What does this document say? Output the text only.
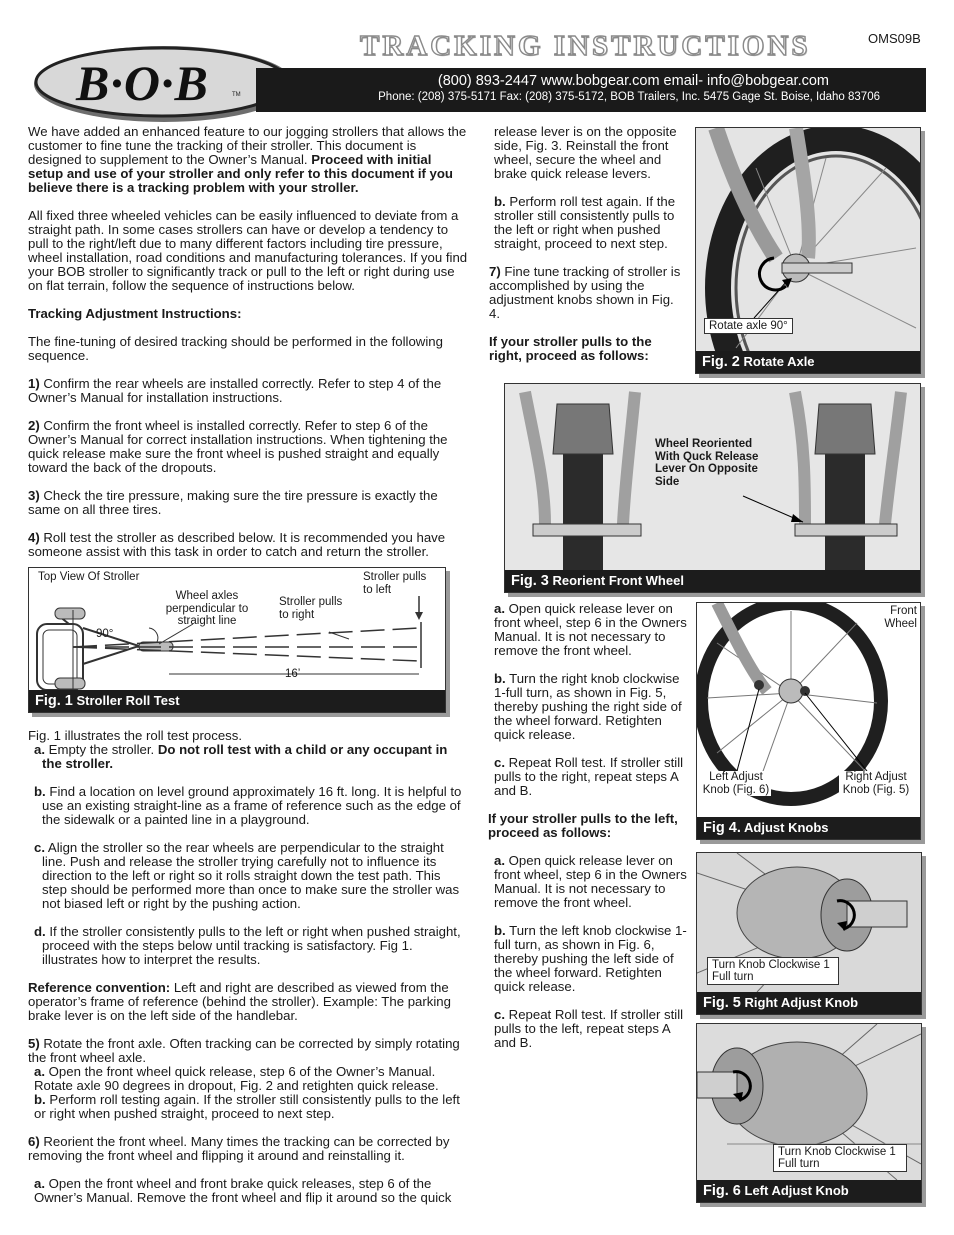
B·O·B	TM
TRACKING INSTRUCTIONS	OMS09B
(800) 893-2447 www.bobgear.com email- info@bobgear.com
Phone: (208) 375-5171 Fax: (208) 375-5172, BOB Trailers, Inc. 5475 Gage St. Boise, Idaho 83706

We have added an enhanced feature to our jogging strollers that allows the customer to fine tune the tracking of their stroller. This document is designed to supplement to the Owner’s Manual. Proceed with initial setup and use of your stroller and only refer to this document if you believe there is a tracking problem with your stroller.

All fixed three wheeled vehicles can be easily influenced to deviate from a straight path. In some cases strollers can have or develop a tendency to pull to the right/left due to many different factors including tire pressure, wheel installation, road conditions and manufacturing tolerances. If you find your BOB stroller to significantly track or pull to the left or right during use on flat terrain, follow the sequence of instructions below.

Tracking Adjustment Instructions:

The fine-tuning of desired tracking should be performed in the following sequence.

1) Confirm the rear wheels are installed correctly. Refer to step 4 of the Owner’s Manual for installation instructions.

2) Confirm the front wheel is installed correctly. Refer to step 6 of the Owner’s Manual for correct installation instructions. When tightening the quick release make sure the front wheel is pushed straight and equally toward the back of the dropouts.

3) Check the tire pressure, making sure the tire pressure is exactly the same on all three tires.

4) Roll test the stroller as described below. It is recommended you have someone assist with this task in order to catch and return the stroller.

Top View Of Stroller
Wheel axles perpendicular to straight line
Stroller pulls to right
Stroller pulls to left
90°
16’
Fig. 1 Stroller Roll Test

Fig. 1 illustrates the roll test process.

a. Empty the stroller. Do not roll test with a child or any occupant in the stroller.

b. Find a location on level ground approximately 16 ft. long. It is helpful to use an existing straight-line as a frame of reference such as the edge of the sidewalk or a painted line in a playground.

c. Align the stroller so the rear wheels are perpendicular to the straight line. Push and release the stroller trying carefully not to influence its direction to the left or right so it rolls straight down the test path. This step should be performed more than once to make sure the stroller was not biased left or right by the pushing action.

d. If the stroller consistently pulls to the left or right when pushed straight, proceed with the steps below until tracking is satisfactory. Fig 1. illustrates how to interpret the results.

Reference convention: Left and right are described as viewed from the operator’s frame of reference (behind the stroller). Example: The parking brake lever is on the left side of the handlebar.

5) Rotate the front axle. Often tracking can be corrected by simply rotating the front wheel axle.

a. Open the front wheel quick release, step 6 of the Owner’s Manual. Rotate axle 90 degrees in dropout, Fig. 2 and retighten quick release.

b. Perform roll testing again. If the stroller still consistently pulls to the left or right when pushed straight, proceed to next step.

6) Reorient the front wheel. Many times the tracking can be corrected by removing the front wheel and flipping it around and reinstalling it.

a. Open the front wheel and front brake quick releases, step 6 of the Owner’s Manual. Remove the front wheel and flip it around so the quick

release lever is on the opposite side, Fig. 3. Reinstall the front wheel, secure the wheel and brake quick release levers.

b. Perform roll test again. If the stroller still consistently pulls to the left or right when pushed straight, proceed to next step.

7) Fine tune tracking of stroller is accomplished by using the adjustment knobs shown in Fig. 4.

If your stroller pulls to the right, proceed as follows:

Rotate axle 90°
Fig. 2 Rotate Axle
Wheel Reoriented With Quck Release Lever On Opposite Side
Fig. 3 Reorient Front Wheel

a. Open quick release lever on front wheel, step 6 in the Owners Manual. It is not necessary to remove the front wheel.

b. Turn the right knob clockwise 1-full turn, as shown in Fig. 5, thereby pushing the right side of the wheel forward. Retighten quick release.

c. Repeat Roll test. If stroller still pulls to the right, repeat steps A and B.

If your stroller pulls to the left, proceed as follows:

a. Open quick release lever on front wheel, step 6 in the Owners Manual. It is not necessary to remove the front wheel.

b. Turn the left knob clockwise 1-full turn, as shown in Fig. 6, thereby pushing the left side of the wheel forward. Retighten quick release.

c. Repeat Roll test. If stroller still pulls to the left, repeat steps A and B.

Front Wheel
Left Adjust Knob (Fig. 6)
Right Adjust Knob (Fig. 5)
Fig 4. Adjust Knobs
Turn Knob Clockwise 1 Full turn
Fig. 5 Right Adjust Knob
Turn Knob Clockwise 1 Full turn
Fig. 6 Left Adjust Knob
